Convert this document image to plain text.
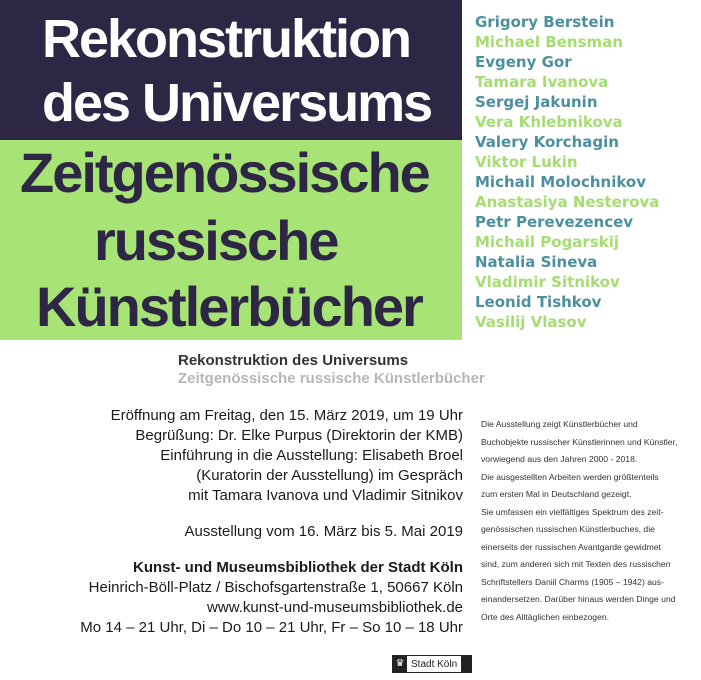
Rekonstruktion
des Universums
Zeitgenössische
russische
Künstlerbücher
Grigory Berstein
Michael Bensman
Evgeny Gor
Tamara Ivanova
Sergej Jakunin
Vera Khlebnikova
Valery Korchagin
Viktor Lukin
Michail Molochnikov
Anastasiya Nesterova
Petr Perevezencev
Michail Pogarskij
Natalia Sineva
Vladimir Sitnikov
Leonid Tishkov
Vasilij Vlasov
Rekonstruktion des Universums
Zeitgenössische russische Künstlerbücher
Eröffnung am Freitag, den 15. März 2019, um 19 Uhr
Begrüßung: Dr. Elke Purpus (Direktorin der KMB)
Einführung in die Ausstellung: Elisabeth Broel
(Kuratorin der Ausstellung) im Gespräch
mit Tamara Ivanova und Vladimir Sitnikov
Ausstellung vom 16. März bis 5. Mai 2019
Kunst- und Museumsbibliothek der Stadt Köln
Heinrich-Böll-Platz / Bischofsgartenstraße 1, 50667 Köln
www.kunst-und-museumsbibliothek.de
Mo 14 – 21 Uhr, Di – Do 10 – 21 Uhr, Fr – So 10 – 18 Uhr
Die Ausstellung zeigt Künstlerbücher und
Buchobjekte russischer Künstlerinnen und Künstler,
vorwiegend aus den Jahren 2000 - 2018.
Die ausgestellten Arbeiten werden größtenteils
zum ersten Mal in Deutschland gezeigt.
Sie umfassen ein vielfältiges Spektrum des zeit-
genössischen russischen Künstlerbuches, die
einerseits der russischen Avantgarde gewidmet
sind, zum anderen sich mit Texten des russischen
Schriftstellers Daniil Charms (1905 – 1942) aus-
einandersetzen. Darüber hinaus werden Dinge und
Orte des Alltäglichen einbezogen.
♛ Stadt Köln
